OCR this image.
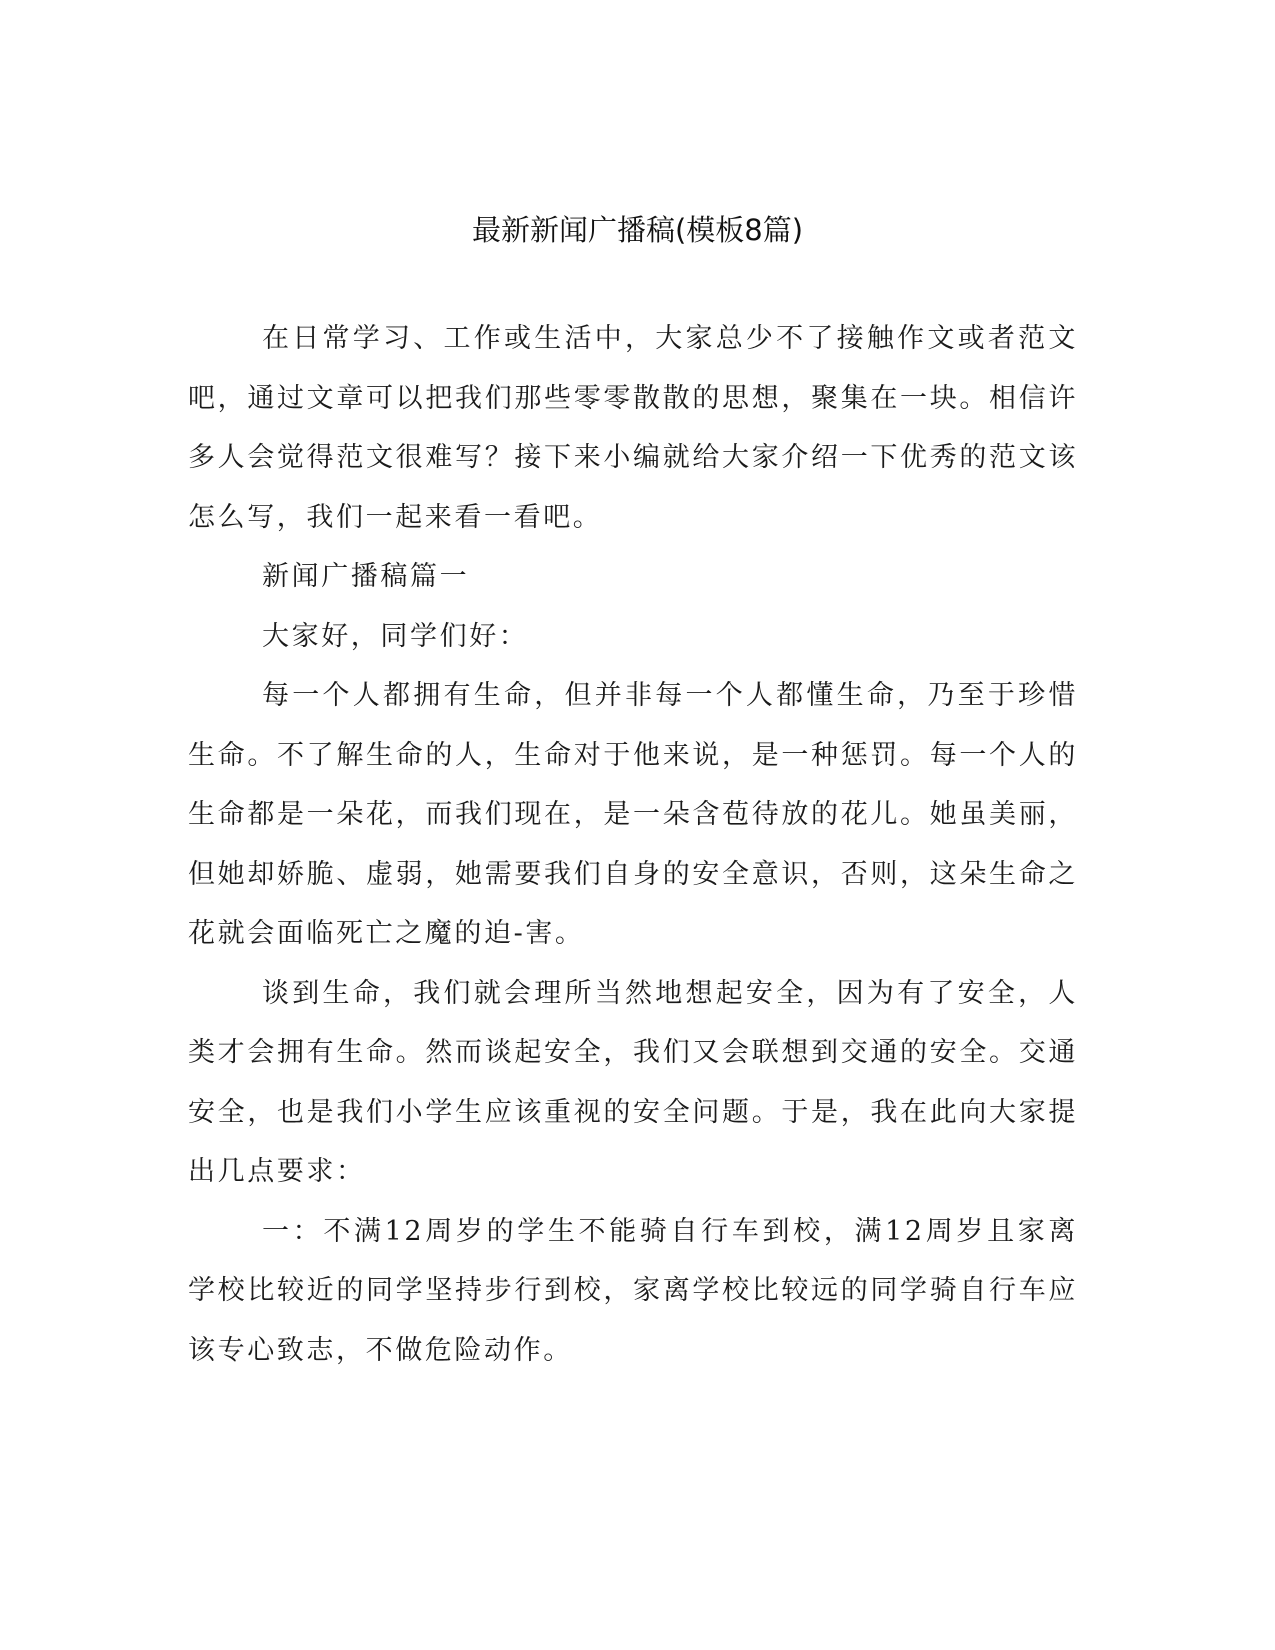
最新新闻广播稿(模板8篇)

在日常学习、工作或生活中，大家总少不了接触作文或者范文吧，通过文章可以把我们那些零零散散的思想，聚集在一块。相信许多人会觉得范文很难写？接下来小编就给大家介绍一下优秀的范文该怎么写，我们一起来看一看吧。

新闻广播稿篇一

大家好，同学们好：

每一个人都拥有生命，但并非每一个人都懂生命，乃至于珍惜生命。不了解生命的人，生命对于他来说，是一种惩罚。每一个人的生命都是一朵花，而我们现在，是一朵含苞待放的花儿。她虽美丽，但她却娇脆、虚弱，她需要我们自身的安全意识，否则，这朵生命之花就会面临死亡之魔的迫-害。

谈到生命，我们就会理所当然地想起安全，因为有了安全，人类才会拥有生命。然而谈起安全，我们又会联想到交通的安全。交通安全，也是我们小学生应该重视的安全问题。于是，我在此向大家提出几点要求：

一：不满12周岁的学生不能骑自行车到校，满12周岁且家离学校比较近的同学坚持步行到校，家离学校比较远的同学骑自行车应该专心致志，不做危险动作。
